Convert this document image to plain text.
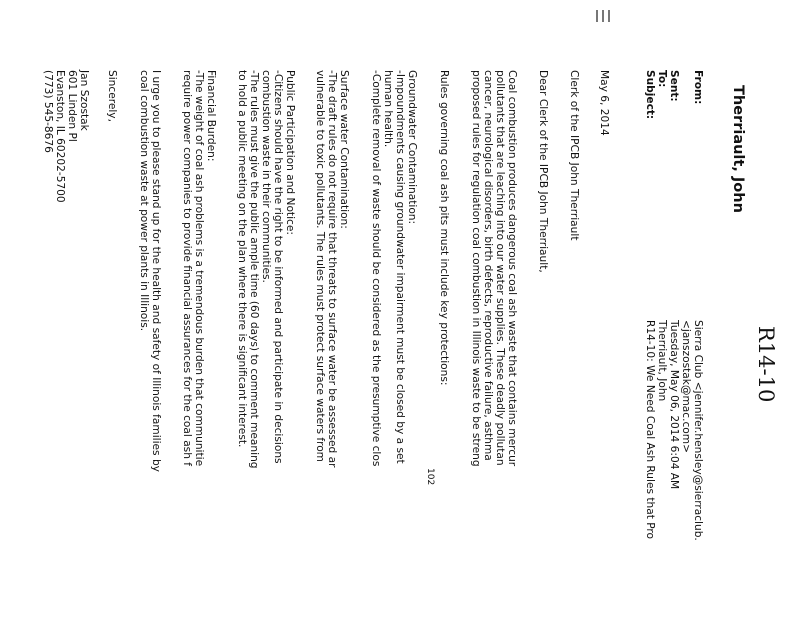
R14-10
Therriault, John
From:
Sierra Club <jennifer.hensley@sierraclub.
<janszostak@mac.com>
Sent:
Tuesday, May 06, 2014 6:04 AM
To:
Therriault, John
Subject:
R14-10: We Need Coal Ash Rules that Pro
May 6, 2014
Clerk of the IPCB John Therriault
Dear Clerk of the IPCB John Therriault,
Coal combustion produces dangerous coal ash waste that contains mercur
pollutants that are leaching into our water supplies. These deadly pollutan
cancer, neurological disorders, birth defects, reproductive failure, asthma
proposed rules for regulation coal combustion in Illinois waste to be streng
Rules governing coal ash pits must include key protections:
Groundwater Contamination:
-Impoundments causing groundwater impairment must be closed by a set
human health.
-Complete removal of waste should be considered as the presumptive clos
Surface water Contamination:
-The draft rules do not require that threats to surface water be assessed ar
vulnerable to toxic pollutants. The rules must protect surface waters from
Public Participation and Notice:
-Citizens should have the right to be informed and participate in decisions
combustion waste in their communities.
-The rules must give the public ample time (60 days) to comment meaning
to hold a public meeting on the plan where there is significant interest.
Financial Burden:
-The weight of coal ash problems is a tremendous burden that communitie
require power companies to provide financial assurances for the coal ash f
I urge you to please stand up for the health and safety of Illinois families by
coal combustion waste at power plants in Illinois.
Sincerely,
Jan Szostak
601 Linden Pl
Evanston, IL 60202-5700
(773) 545-8676
102
